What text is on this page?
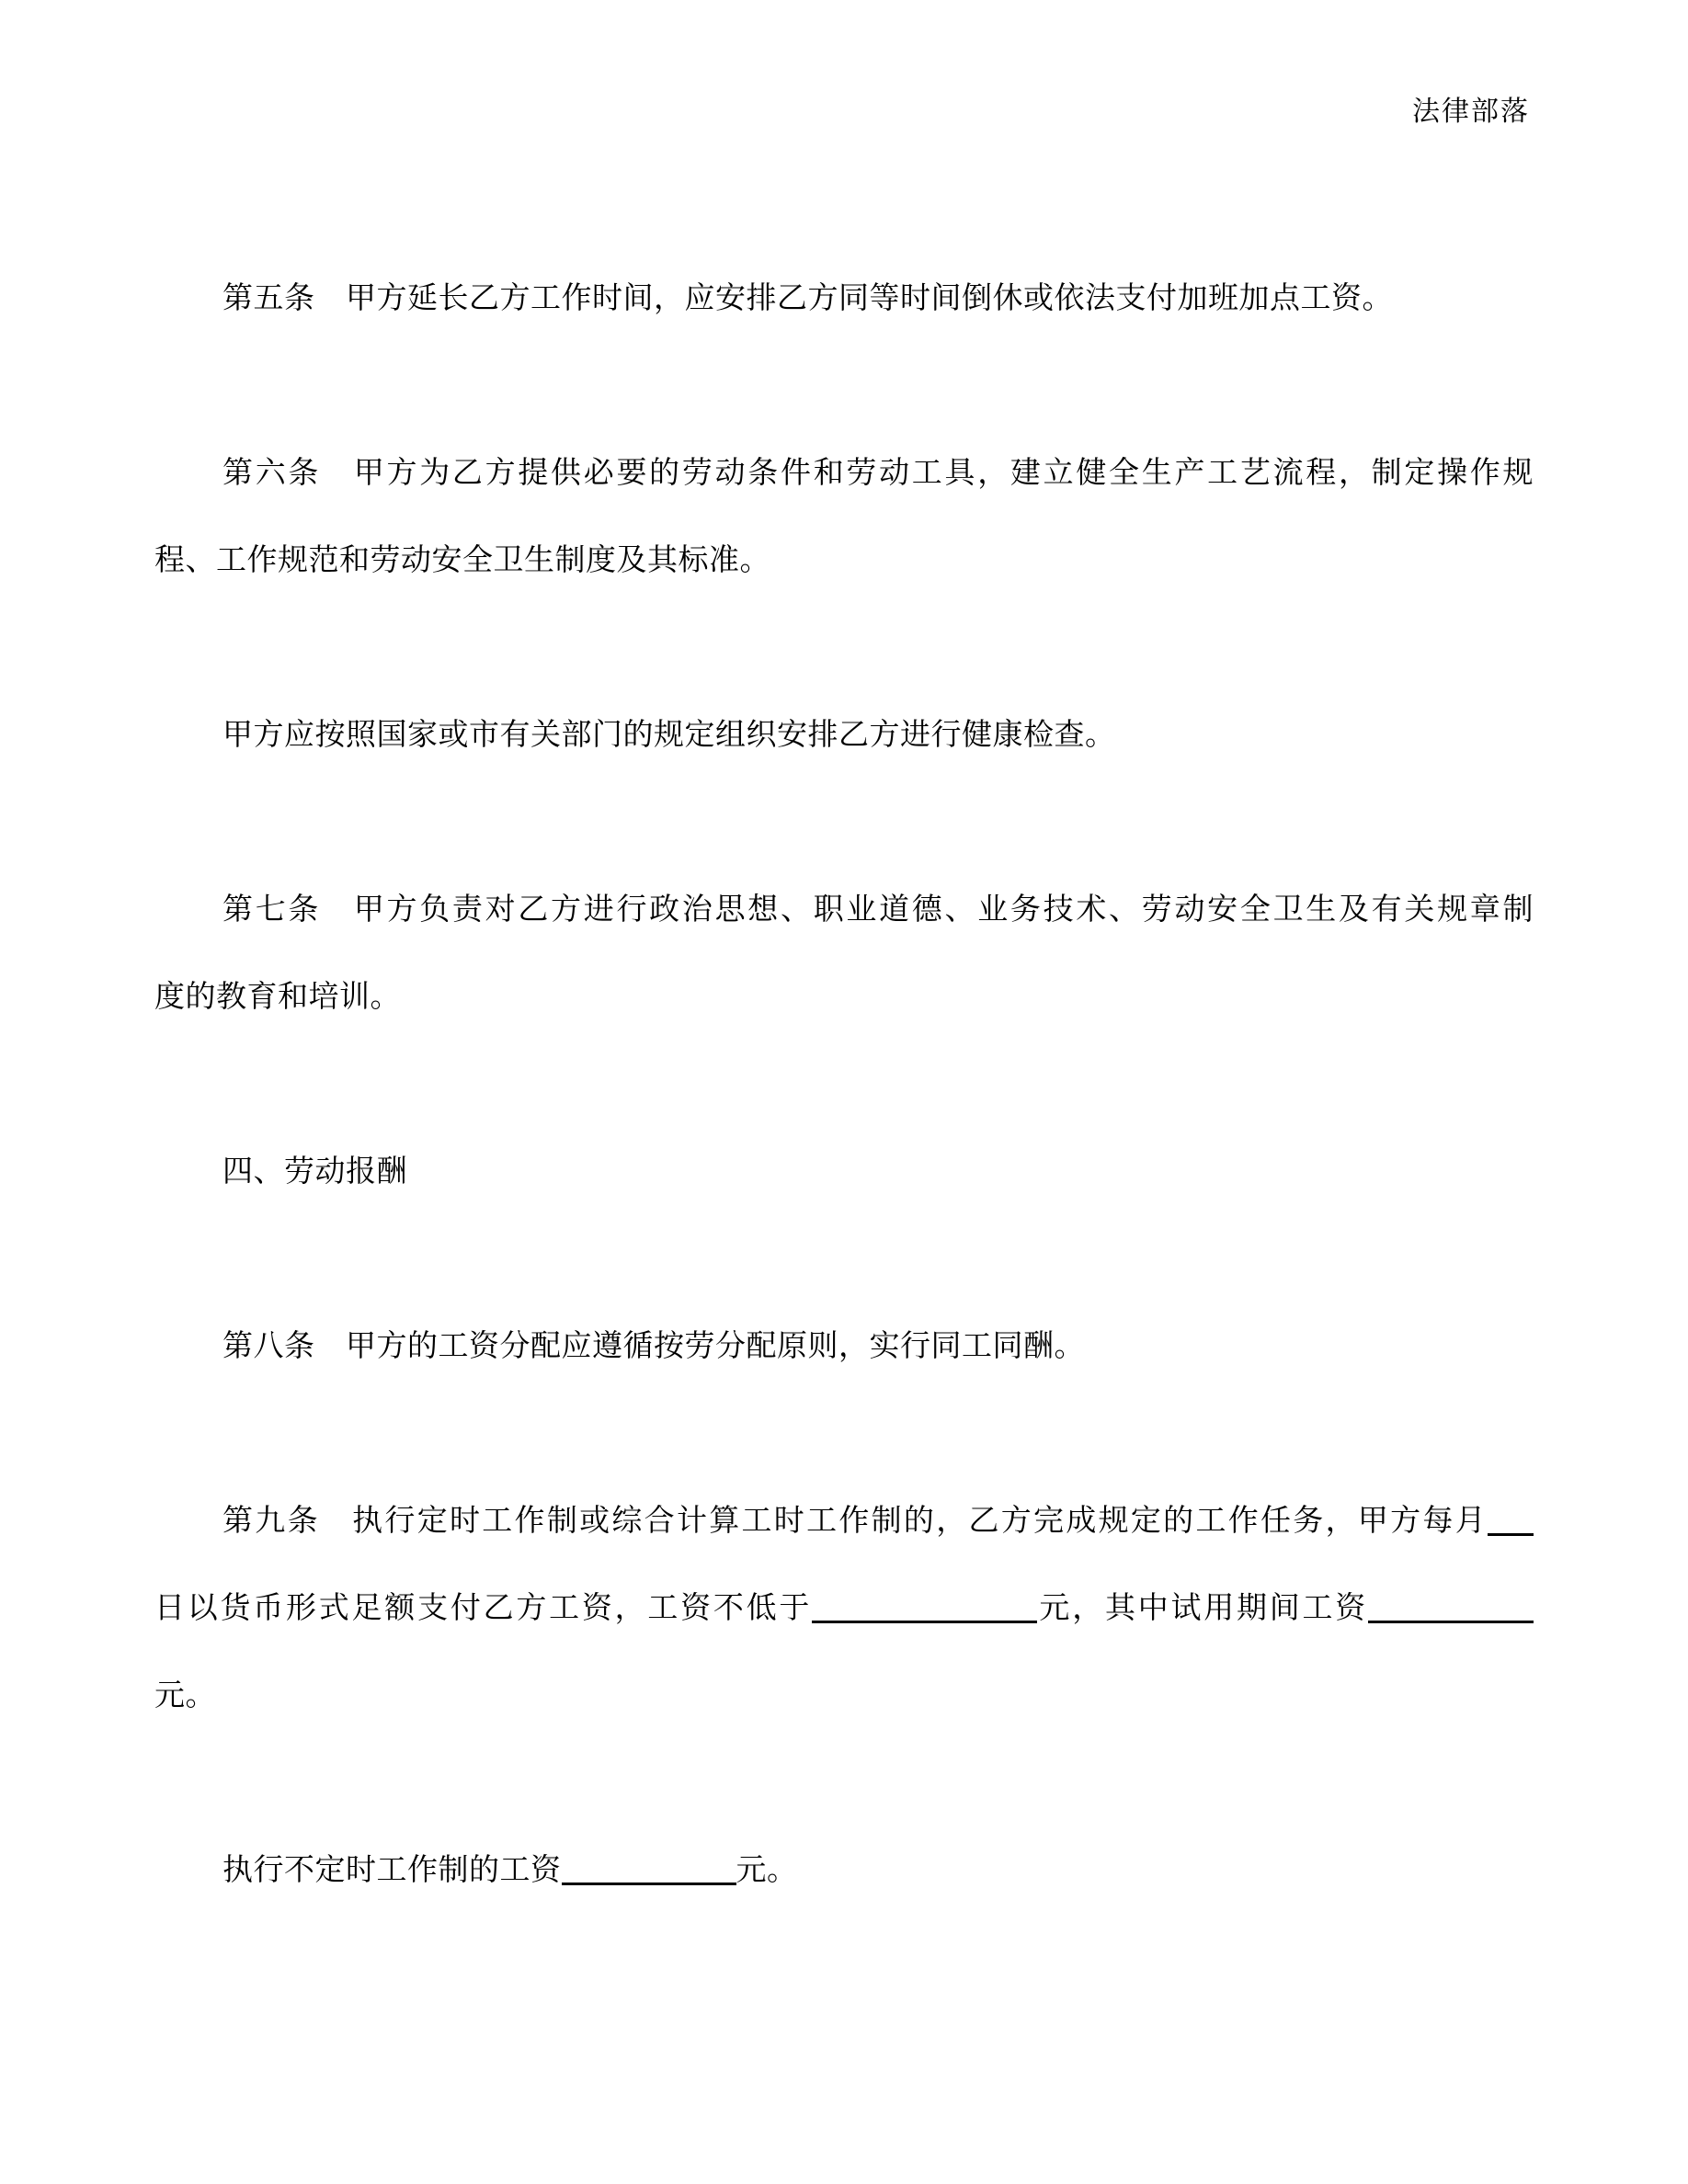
法律部落
第五条　甲方延长乙方工作时间，应安排乙方同等时间倒休或依法支付加班加点工资。
第六条　甲方为乙方提供必要的劳动条件和劳动工具，建立健全生产工艺流程，制定操作规
程、工作规范和劳动安全卫生制度及其标准。
甲方应按照国家或市有关部门的规定组织安排乙方进行健康检查。
第七条　甲方负责对乙方进行政治思想、职业道德、业务技术、劳动安全卫生及有关规章制
度的教育和培训。
四、劳动报酬
第八条　甲方的工资分配应遵循按劳分配原则，实行同工同酬。
第九条　执行定时工作制或综合计算工时工作制的，乙方完成规定的工作任务，甲方每月
日以货币形式足额支付乙方工资，工资不低于	元，其中试用期间工资
元。
执行不定时工作制的工资	元。
